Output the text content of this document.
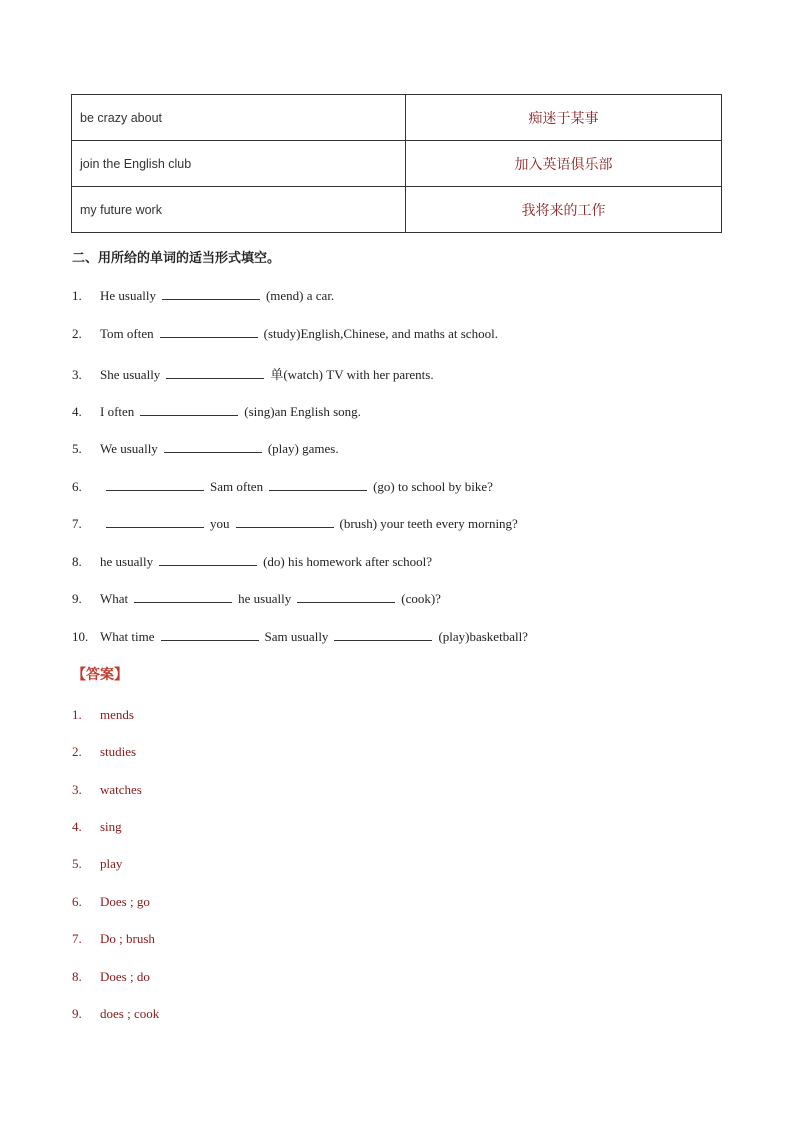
be crazy about	痴迷于某事
join the English club	加入英语俱乐部
my future work	我将来的工作
二、用所给的单词的适当形式填空。
1. He usually	(mend) a car.
2. Tom often	(study)English,Chinese, and maths at school.
3. She usually	单(watch) TV with her parents.
4. I often	(sing)an English song.
5. We usually	(play) games.
6.	Sam often	(go) to school by bike?
7.	you	(brush) your teeth every morning?
8. he usually	(do) his homework after school?
9. What	he usually	(cook)?
10. What time	Sam usually	(play)basketball?
【答案】
1. mends
2. studies
3. watches
4. sing
5. play
6. Does ; go
7. Do ; brush
8. Does ; do
9. does ; cook
